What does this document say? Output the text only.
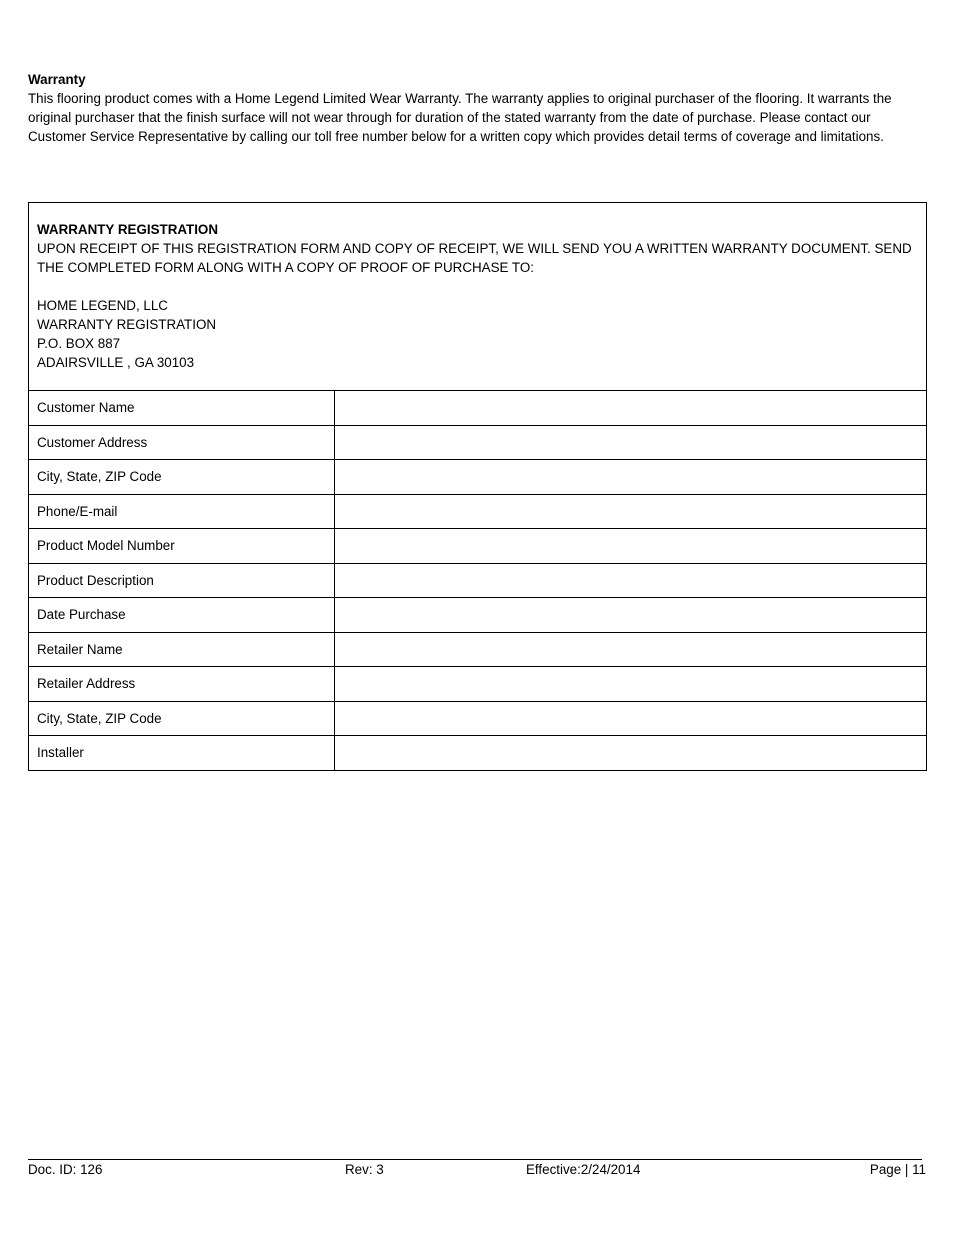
Warranty

This flooring product comes with a Home Legend Limited Wear Warranty. The warranty applies to original purchaser of the flooring. It warrants the original purchaser that the finish surface will not wear through for duration of the stated warranty from the date of purchase. Please contact our Customer Service Representative by calling our toll free number below for a written copy which provides detail terms of coverage and limitations.

WARRANTY REGISTRATION

UPON RECEIPT OF THIS REGISTRATION FORM AND COPY OF RECEIPT, WE WILL SEND YOU A WRITTEN WARRANTY DOCUMENT. SEND THE COMPLETED FORM ALONG WITH A COPY OF PROOF OF PURCHASE TO:

HOME LEGEND, LLC
WARRANTY REGISTRATION
P.O. BOX 887
ADAIRSVILLE , GA 30103
Customer Name	
Customer Address	
City, State, ZIP Code	
Phone/E-mail	
Product Model Number	
Product Description	
Date Purchase	
Retailer Name	
Retailer Address	
City, State, ZIP Code	
Installer	
Doc. ID: 126	Rev: 3	Effective:2/24/2014	Page | 11
